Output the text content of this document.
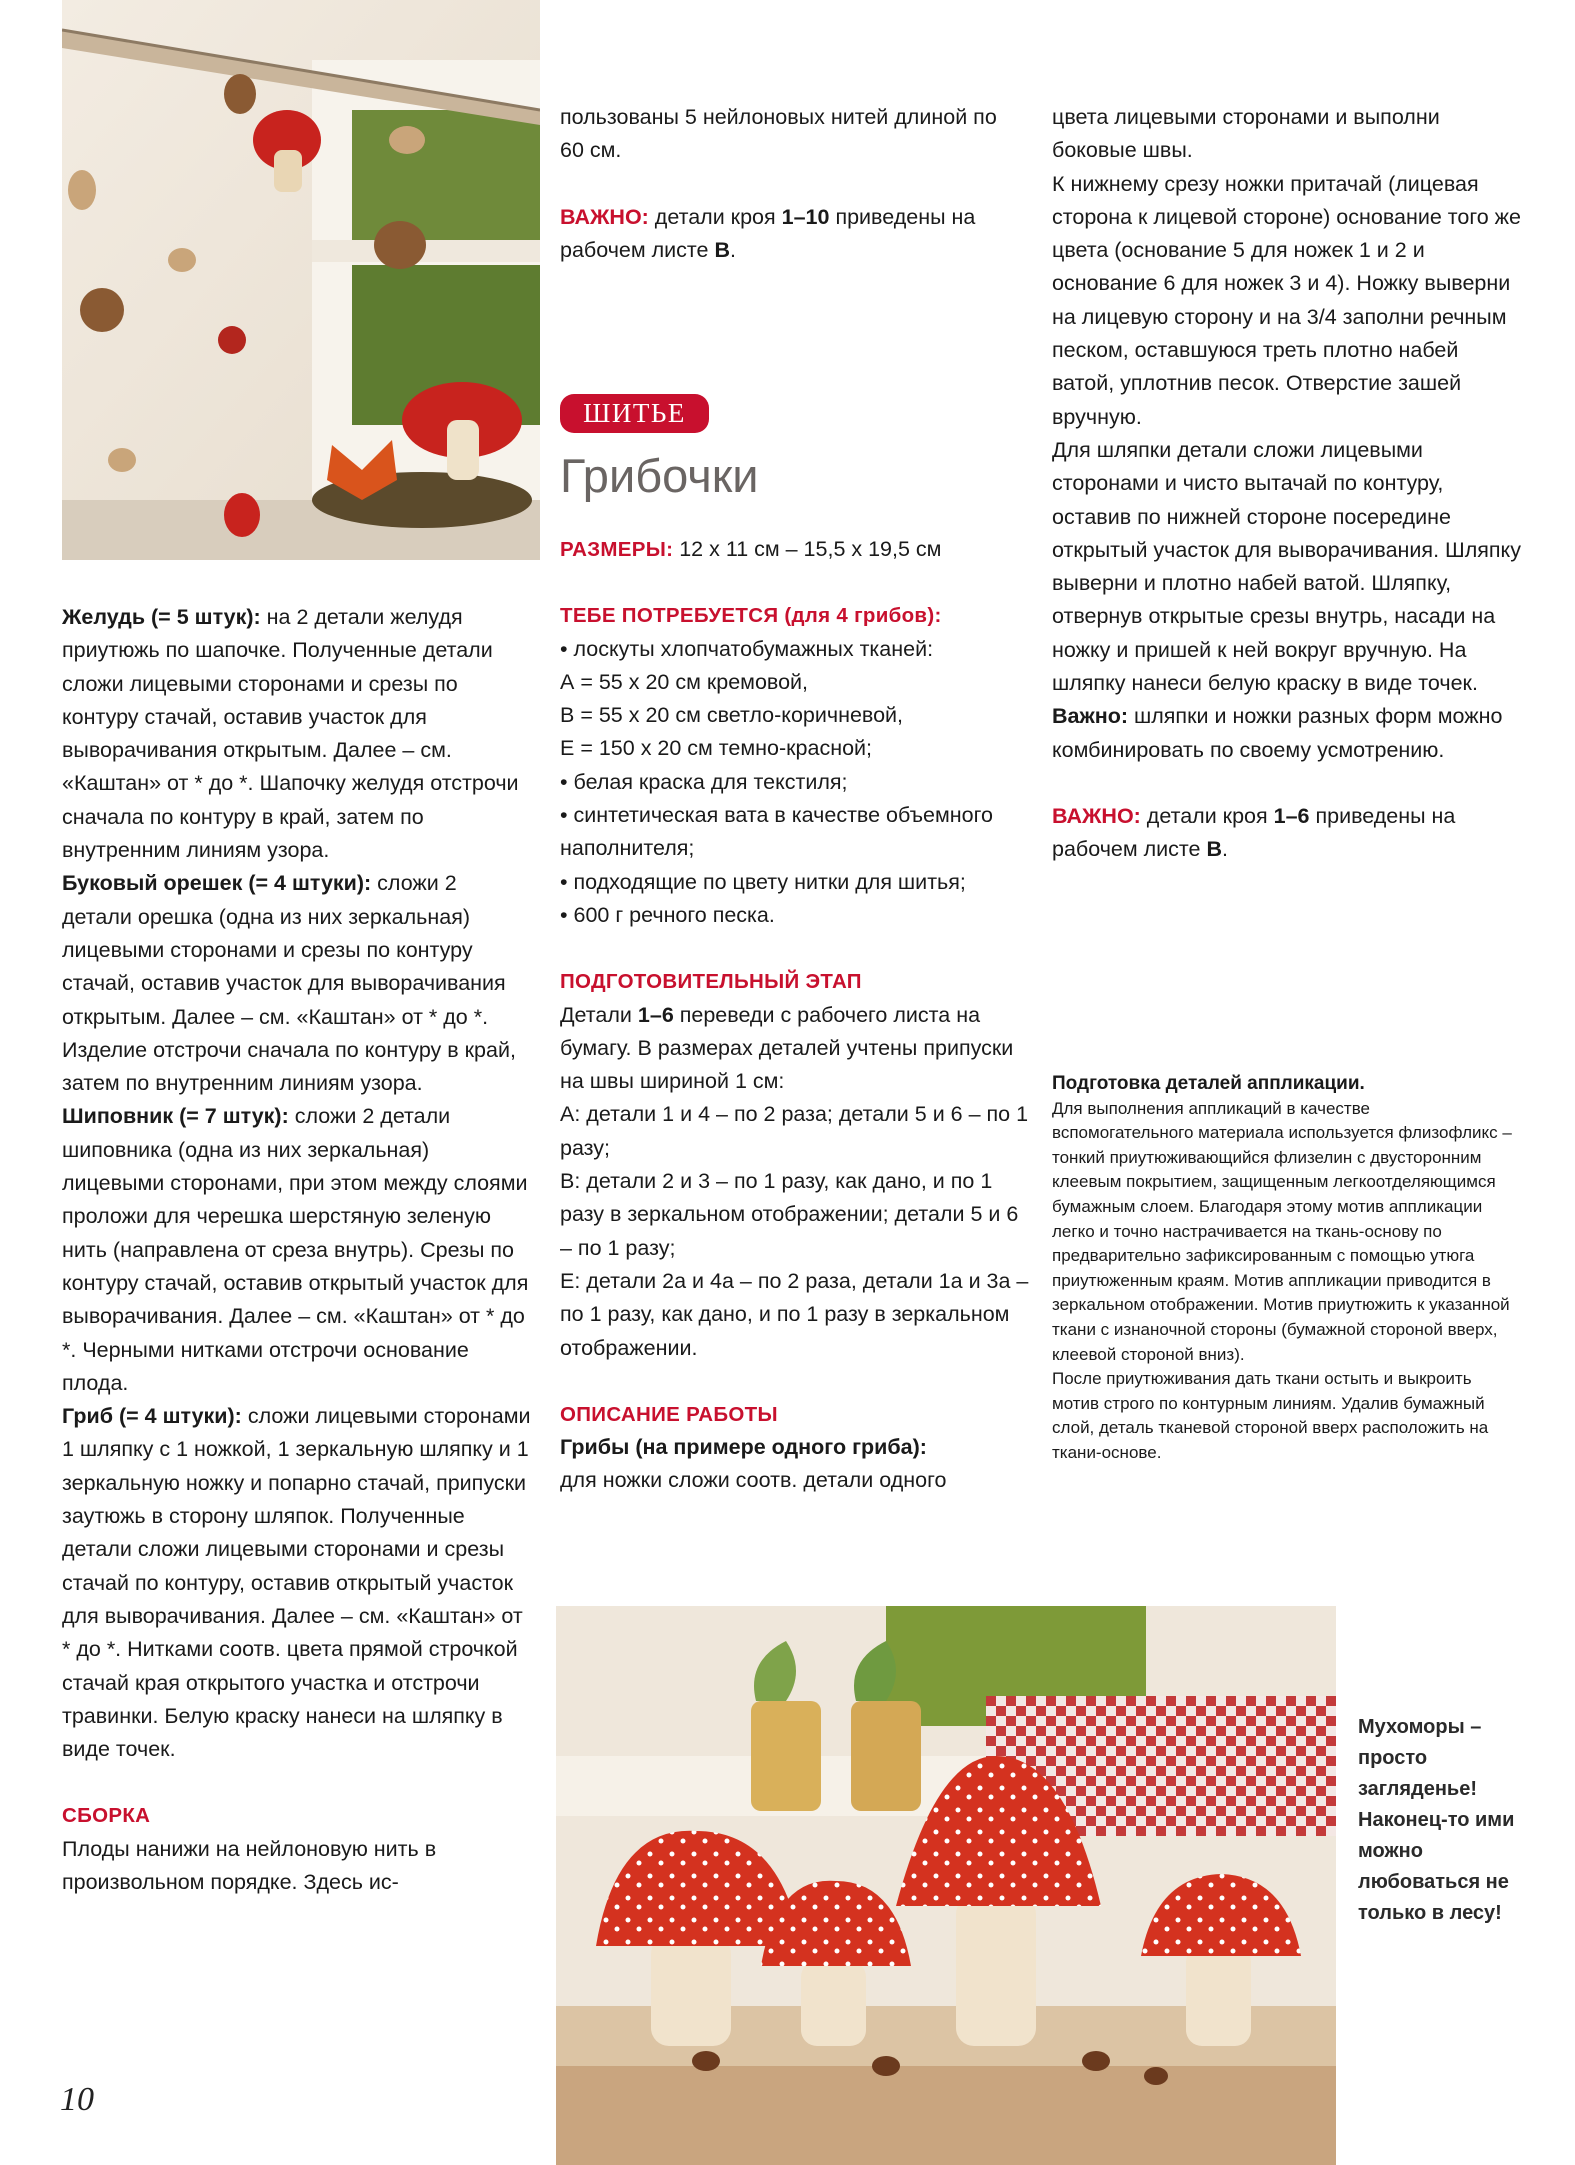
Желудь (= 5 штук): на 2 детали желудя приутюжь по шапочке. Полученные детали сложи лицевыми сторонами и срезы по контуру стачай, оставив участок для выворачивания открытым. Далее – см. «Каштан» от * до *. Шапочку желудя отстрочи сначала по контуру в край, затем по внутренним линиям узора.

Буковый орешек (= 4 штуки): сложи 2 детали орешка (одна из них зеркальная) лицевыми сторонами и срезы по контуру стачай, оставив участок для выворачивания открытым. Далее – см. «Каштан» от * до *. Изделие отстрочи сначала по контуру в край, затем по внутренним линиям узора.

Шиповник (= 7 штук): сложи 2 детали шиповника (одна из них зеркальная) лицевыми сторонами, при этом между слоями проложи для черешка шерстяную зеленую нить (направлена от среза внутрь). Срезы по контуру стачай, оставив открытый участок для выворачивания. Далее – см. «Каштан» от * до *. Черными нитками отстрочи основание плода.

Гриб (= 4 штуки): сложи лицевыми сторонами 1 шляпку с 1 ножкой, 1 зеркальную шляпку и 1 зеркальную ножку и попарно стачай, припуски заутюжь в сторону шляпок. Полученные детали сложи лицевыми сторонами и срезы стачай по контуру, оставив открытый участок для выворачивания. Далее – см. «Каштан» от * до *. Нитками соотв. цвета прямой строчкой стачай края открытого участка и отстрочи травинки. Белую краску нанеси на шляпку в виде точек.

СБОРКА

Плоды нанижи на нейлоновую нить в произвольном порядке. Здесь ис-

пользованы 5 нейлоновых нитей длиной по 60 см.

ВАЖНО: детали кроя 1–10 приведены на рабочем листе В.

ШИТЬЕ
Грибочки

РАЗМЕРЫ: 12 х 11 см – 15,5 х 19,5 см

ТЕБЕ ПОТРЕБУЕТСЯ (для 4 грибов):

• лоскуты хлопчатобумажных тканей:

А = 55 х 20 см кремовой,

В = 55 х 20 см светло-коричневой,

Е = 150 х 20 см темно-красной;

• белая краска для текстиля;

• синтетическая вата в качестве объемного наполнителя;

• подходящие по цвету нитки для шитья;

• 600 г речного песка.

ПОДГОТОВИТЕЛЬНЫЙ ЭТАП

Детали 1–6 переведи с рабочего листа на бумагу. В размерах деталей учтены припуски на швы шириной 1 см:

А: детали 1 и 4 – по 2 раза; детали 5 и 6 – по 1 разу;

В: детали 2 и 3 – по 1 разу, как дано, и по 1 разу в зеркальном отображении; детали 5 и 6 – по 1 разу;

Е: детали 2а и 4а – по 2 раза, детали 1а и 3а – по 1 разу, как дано, и по 1 разу в зеркальном отображении.

ОПИСАНИЕ РАБОТЫ

Грибы (на примере одного гриба):

для ножки сложи соотв. детали одного

цвета лицевыми сторонами и выполни боковые швы.

К нижнему срезу ножки притачай (лицевая сторона к лицевой стороне) основание того же цвета (основание 5 для ножек 1 и 2 и основание 6 для ножек 3 и 4). Ножку выверни на лицевую сторону и на 3/4 заполни речным песком, оставшуюся треть плотно набей ватой, уплотнив песок. Отверстие зашей вручную.

Для шляпки детали сложи лицевыми сторонами и чисто вытачай по контуру, оставив по нижней стороне посередине открытый участок для выворачивания. Шляпку выверни и плотно набей ватой. Шляпку, отвернув открытые срезы внутрь, насади на ножку и пришей к ней вокруг вручную. На шляпку нанеси белую краску в виде точек.

Важно: шляпки и ножки разных форм можно комбинировать по своему усмотрению.

ВАЖНО: детали кроя 1–6 приведены на рабочем листе В.

Подготовка деталей аппликации.

Для выполнения аппликаций в качестве вспомогательного материала используется флизофликс – тонкий приутюживающийся флизелин с двусторонним клеевым покрытием, защищенным легкоотделяющимся бумажным слоем. Благодаря этому мотив аппликации легко и точно настрачивается на ткань-основу по предварительно зафиксированным с помощью утюга приутюженным краям. Мотив аппликации приводится в зеркальном отображении. Мотив приутюжить к указанной ткани с изнаночной стороны (бумажной стороной вверх, клеевой стороной вниз).

После приутюживания дать ткани остыть и выкроить мотив строго по контурным линиям. Удалив бумажный слой, деталь тканевой стороной вверх расположить на ткани-основе.

Мухоморы – просто загляденье! Наконец-то ими можно любоваться не только в лесу!
10
